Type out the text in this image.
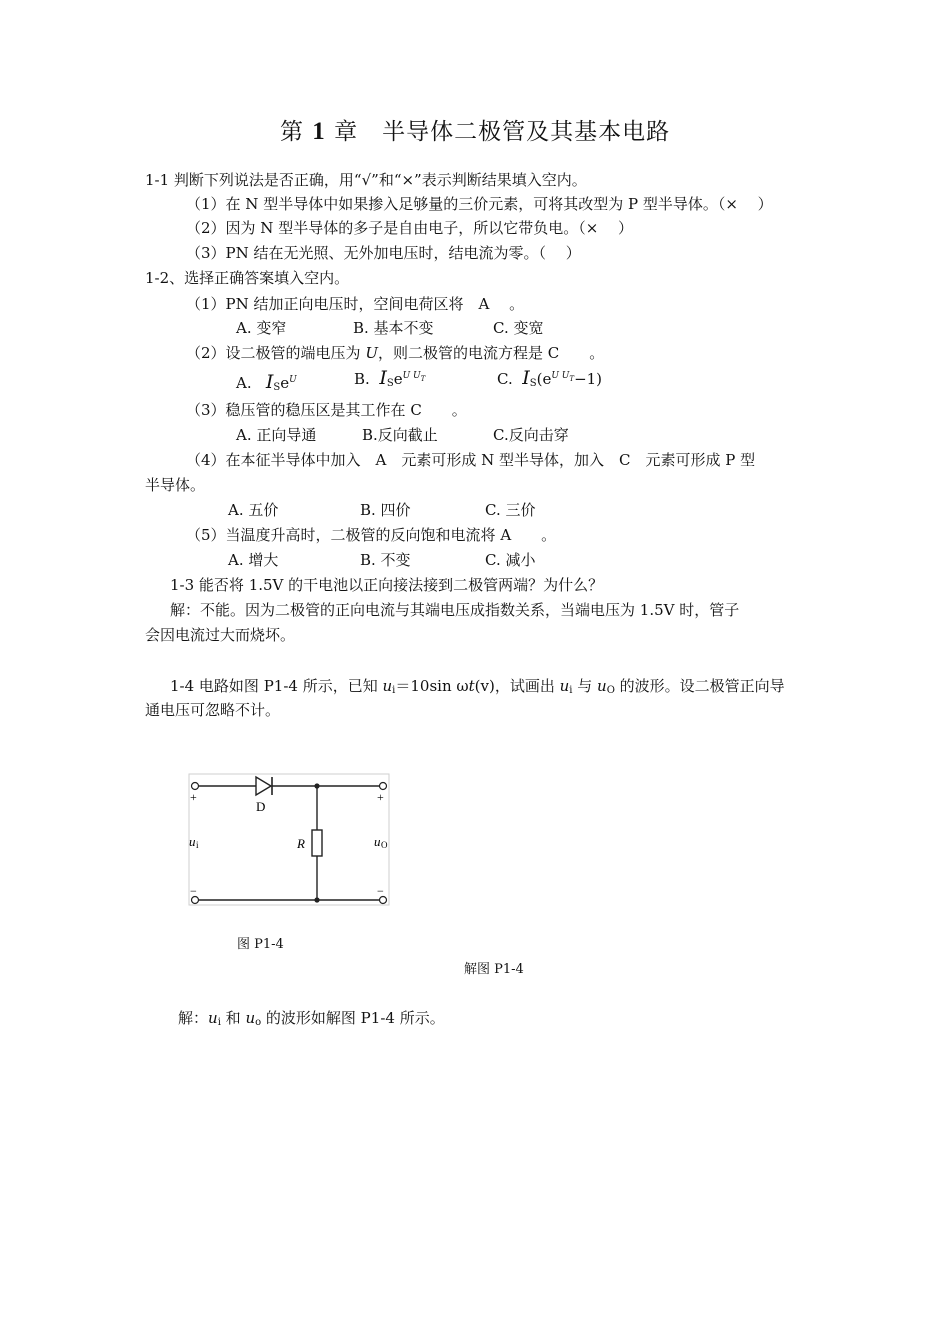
第 1 章　半导体二极管及其基本电路
1-1 判断下列说法是否正确，用“√”和“×”表示判断结果填入空内。
（1）在 N 型半导体中如果掺入足够量的三价元素，可将其改型为 P 型半导体。（×　 ）
（2）因为 N 型半导体的多子是自由电子，所以它带负电。（×　 ）
（3）PN 结在无光照、无外加电压时，结电流为零。（　 ）
1-2、选择正确答案填入空内。
（1）PN 结加正向电压时，空间电荷区将　A　 。
A. 变窄	B. 基本不变	C. 变宽
（2）设二极管的端电压为 U，则二极管的电流方程是 C　　。
A.   $I_Se^U$	B.  $I_Se^{U U_T}$	C.  $I_S(e^{U U_T}-1)$
（3）稳压管的稳压区是其工作在 C　　。
A. 正向导通	B.反向截止	C.反向击穿
（4）在本征半导体中加入　A　元素可形成 N 型半导体，加入　C　元素可形成 P 型
半导体。
A. 五价	B. 四价	C. 三价
（5）当温度升高时，二极管的反向饱和电流将 A　　。
A. 增大	B. 不变	C. 减小
1-3 能否将 1.5V 的干电池以正向接法接到二极管两端？为什么？
解：不能。因为二极管的正向电流与其端电压成指数关系，当端电压为 1.5V 时，管子
会因电流过大而烧坏。
1-4 电路如图 P1-4 所示，已知 $u_i=10\sin$ ωt(v)，试画出 $u_i$ 与 $u_O$ 的波形。设二极管正向导
通电压可忽略不计。
D
R
+	+
−	−
u i	u O
图 P1-4
解图 P1-4
解：$u_i$ 和 $u_o$ 的波形如解图 P1-4 所示。
